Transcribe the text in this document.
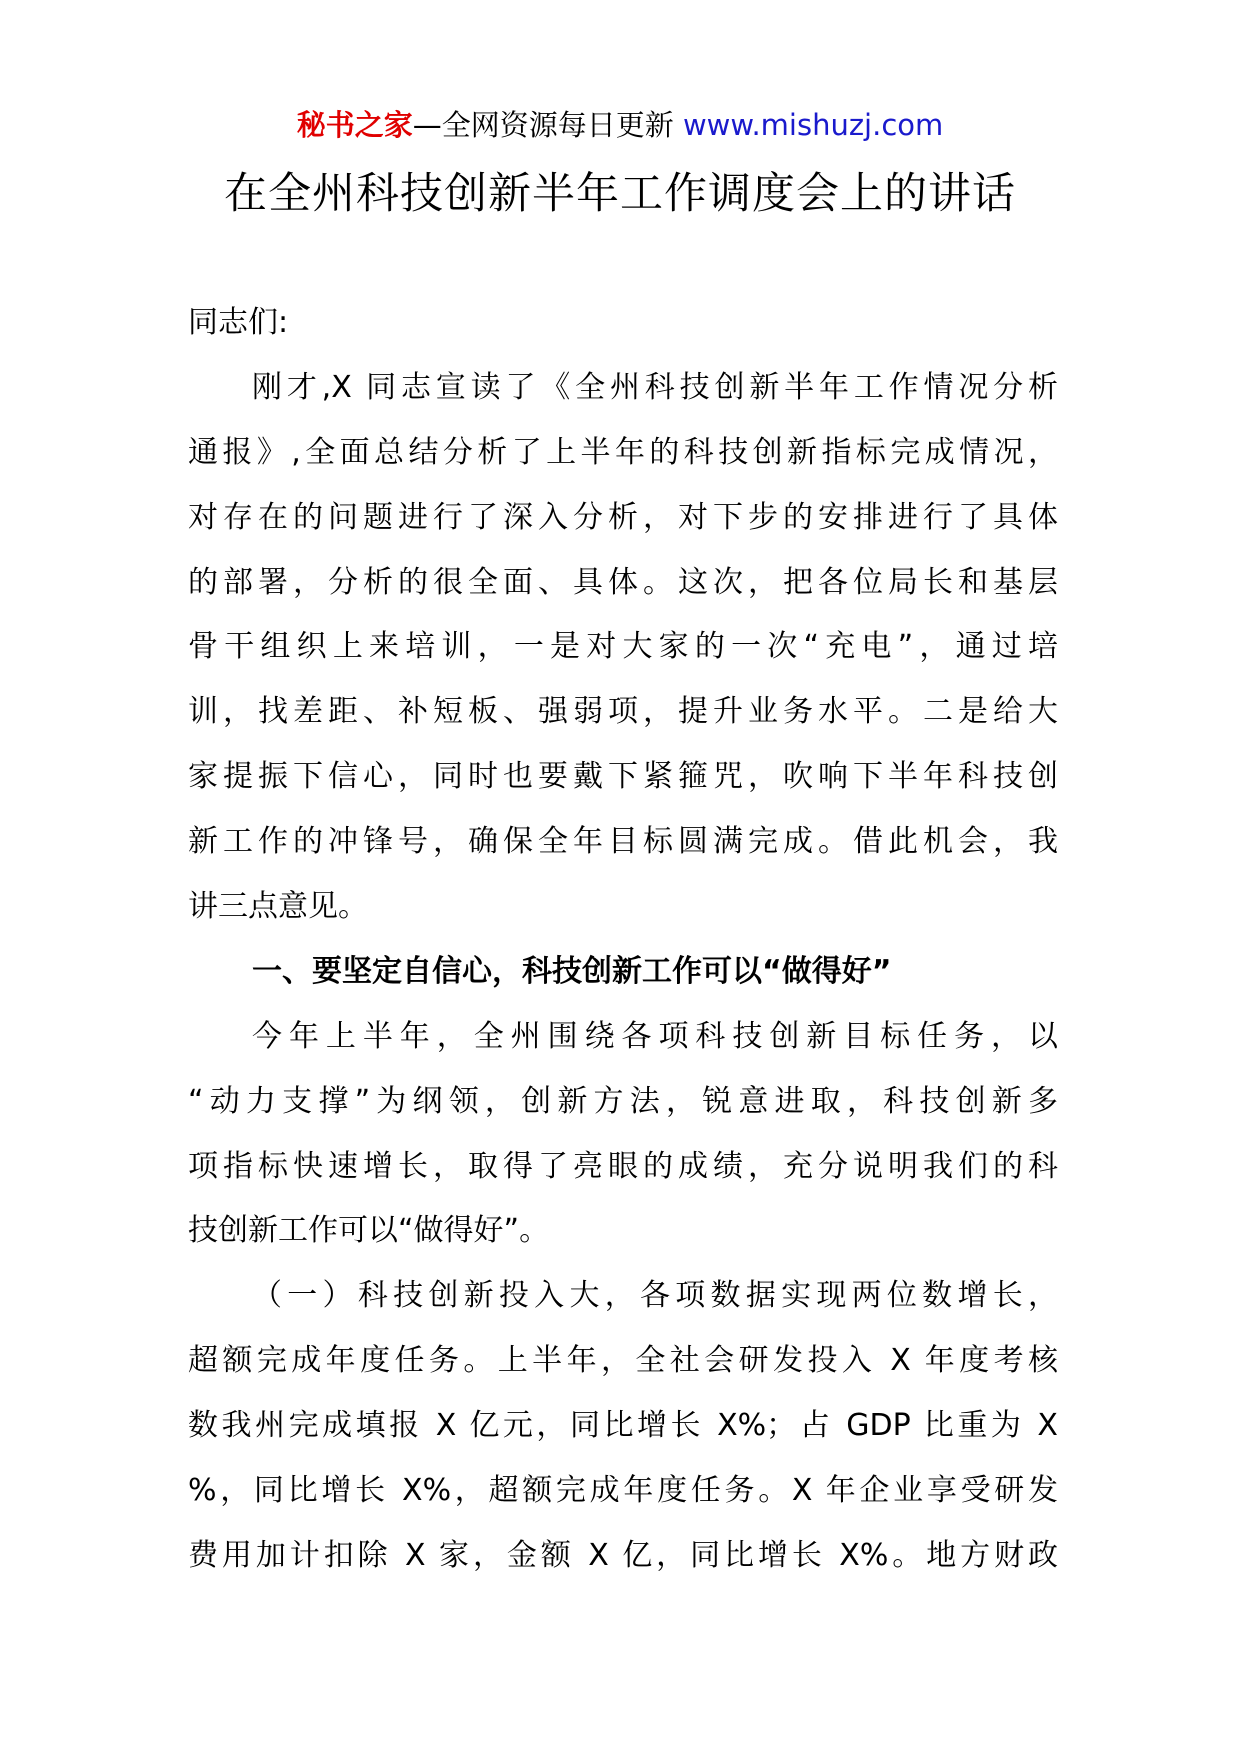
秘书之家—全网资源每日更新 www.mishuzj.com
在全州科技创新半年工作调度会上的讲话
同志们:
刚才,X 同志宣读了《全州科技创新半年工作情况分析
通报》,全面总结分析了上半年的科技创新指标完成情况，
对存在的问题进行了深入分析，对下步的安排进行了具体
的部署，分析的很全面、具体。这次，把各位局长和基层
骨干组织上来培训，一是对大家的一次“充电”，通过培
训，找差距、补短板、强弱项，提升业务水平。二是给大
家提振下信心，同时也要戴下紧箍咒，吹响下半年科技创
新工作的冲锋号，确保全年目标圆满完成。借此机会，我
讲三点意见。
一、要坚定自信心，科技创新工作可以“做得好”
今年上半年，全州围绕各项科技创新目标任务，以
“动力支撑”为纲领，创新方法，锐意进取，科技创新多
项指标快速增长，取得了亮眼的成绩，充分说明我们的科
技创新工作可以“做得好”。
（一）科技创新投入大，各项数据实现两位数增长，
超额完成年度任务。上半年，全社会研发投入 X 年度考核
数我州完成填报 X 亿元，同比增长 X%；占 GDP 比重为 X
%，同比增长 X%，超额完成年度任务。X 年企业享受研发
费用加计扣除 X 家，金额 X 亿，同比增长 X%。地方财政
